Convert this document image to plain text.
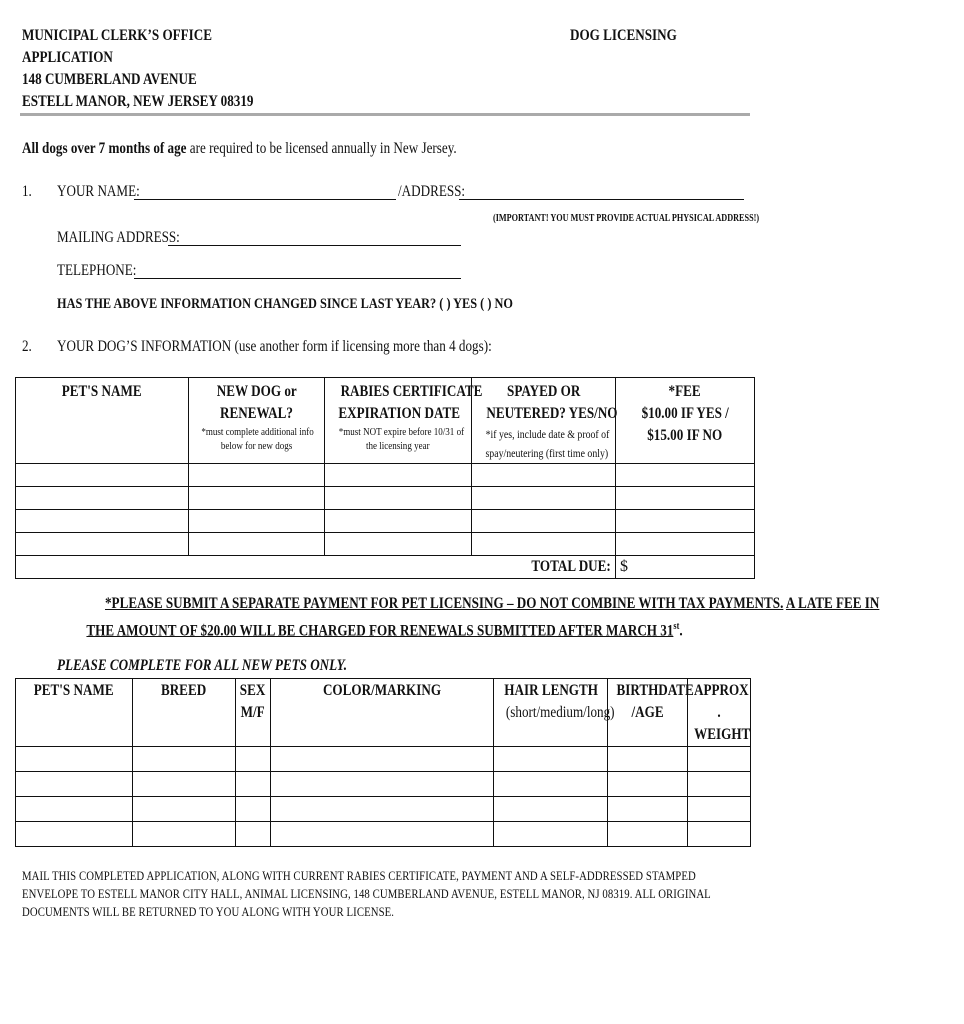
MUNICIPAL CLERK’S OFFICE
APPLICATION
148 CUMBERLAND AVENUE
ESTELL MANOR, NEW JERSEY 08319
DOG LICENSING
All dogs over 7 months of age are required to be licensed annually in New Jersey.
1. YOUR NAME:	/ADDRESS:
(IMPORTANT! YOU MUST PROVIDE ACTUAL PHYSICAL ADDRESS!)
MAILING ADDRESS:
TELEPHONE:
HAS THE ABOVE INFORMATION CHANGED SINCE LAST YEAR? ( ) YES ( ) NO
2. YOUR DOG’S INFORMATION (use another form if licensing more than 4 dogs):
PET'S NAME	NEW DOG or
RENEWAL?
*must complete additional info
below for new dogs	RABIES CERTIFICATE
EXPIRATION DATE
*must NOT expire before 10/31 of
the licensing year	SPAYED OR
NEUTERED? YES/NO
*if yes, include date & proof of
spay/neutering (first time only)	*FEE
$10.00 IF YES /
$15.00 IF NO

TOTAL DUE:				$
*PLEASE SUBMIT A SEPARATE PAYMENT FOR PET LICENSING – DO NOT COMBINE WITH TAX PAYMENTS. A LATE FEE IN
THE AMOUNT OF $20.00 WILL BE CHARGED FOR RENEWALS SUBMITTED AFTER MARCH 31st.
PLEASE COMPLETE FOR ALL NEW PETS ONLY.
PET'S NAME	BREED	SEX
M/F	COLOR/MARKING	HAIR LENGTH
(short/medium/long)	BIRTHDATE
/AGE	APPROX
.
WEIGHT

MAIL THIS COMPLETED APPLICATION, ALONG WITH CURRENT RABIES CERTIFICATE, PAYMENT AND A SELF-ADDRESSED STAMPED ENVELOPE TO ESTELL MANOR CITY HALL, ANIMAL LICENSING, 148 CUMBERLAND AVENUE, ESTELL MANOR, NJ 08319. ALL ORIGINAL DOCUMENTS WILL BE RETURNED TO YOU ALONG WITH YOUR LICENSE.
